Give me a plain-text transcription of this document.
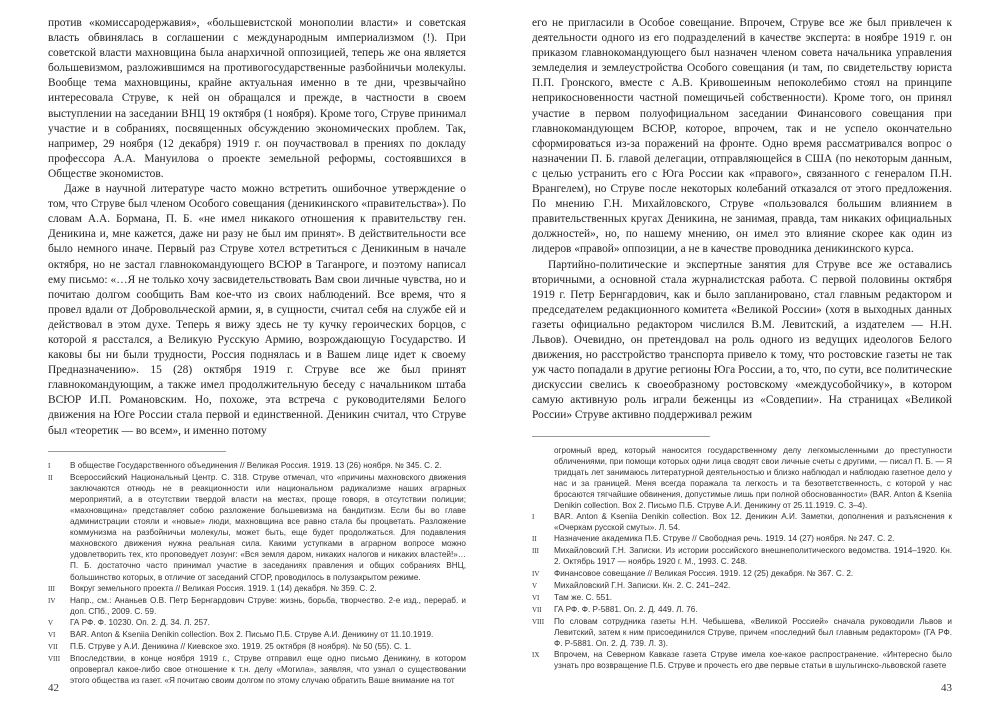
против «комиссародержавия», «большевистской монополии власти» и советская власть обвинялась в соглашении с международным империализмом (!). При советской власти махновщина была анархичной оппозицией, теперь же она является большевизмом, разложившимся на противогосударственные разбойничьи молекулы. Вообще тема махновщины, крайне актуальная именно в те дни, чрезвычайно интересовала Струве, к ней он обращался и прежде, в частности в своем выступлении на заседании ВНЦ 19 октября (1 ноября). Кроме того, Струве принимал участие и в собраниях, посвященных обсуждению экономических проблем. Так, например, 29 ноября (12 декабря) 1919 г. он поучаствовал в прениях по докладу профессора А.А. Мануилова о проекте земельной реформы, состоявшихся в Обществе экономистов.

Даже в научной литературе часто можно встретить ошибочное утверждение о том, что Струве был членом Особого совещания (деникинского «правительства»). По словам А.А. Бормана, П. Б. «не имел никакого отношения к правительству ген. Деникина и, мне кажется, даже ни разу не был им принят». В действительности все было немного иначе. Первый раз Струве хотел встретиться с Деникиным в начале октября, но не застал главнокомандующего ВСЮР в Таганроге, и поэтому написал ему письмо: «…Я не только хочу засвидетельствовать Вам свои личные чувства, но и почитаю долгом сообщить Вам кое-что из своих наблюдений. Все время, что я провел вдали от Добровольческой армии, я, в сущности, считал себя на службе ей и действовал в этом духе. Теперь я вижу здесь не ту кучку героических борцов, с которой я расстался, а Великую Русскую Армию, возрождающую Государство. И каковы бы ни были трудности, Россия поднялась и в Вашем лице идет к своему Предназначению». 15 (28) октября 1919 г. Струве все же был принят главнокомандующим, а также имел продолжительную беседу с начальником штаба ВСЮР И.П. Романовским. Но, похоже, эта встреча с руководителями Белого движения на Юге России стала первой и единственной. Деникин считал, что Струве был «теоретик — во всем», и именно потому

I	В обществе Государственного объединения // Великая Россия. 1919. 13 (26) ноября. № 345. С. 2.
II	Всероссийский Национальный Центр. С. 318. Струве отмечал, что «причины махновского движения заключаются отнюдь не в реакционности или национальном радикализме наших аграрных мероприятий, а в отсутствии твердой власти на местах, проще говоря, в отсутствии полиции; «махновщина» представляет собою разложение большевизма на бандитизм. Если бы во главе администрации стояли и «новые» люди, махновщина все равно стала бы процветать. Разложение коммунизма на разбойничьи молекулы, может быть, еще будет продолжаться. Для подавления махновского движения нужна реальная сила. Какими уступками в аграрном вопросе можно удовлетворить тех, кто проповедует лозунг: «Вся земля даром, никаких налогов и никаких властей!»… П. Б. достаточно часто принимал участие в заседаниях правления и общих собраниях ВНЦ, большинство которых, в отличие от заседаний СГОР, проводилось в полузакрытом режиме.
III	Вокруг земельного проекта // Великая Россия. 1919. 1 (14) декабря. № 359. С. 2.
IV	Напр., см.: Ананьев О.В. Петр Бернгардович Струве: жизнь, борьба, творчество. 2-е изд., перераб. и доп. СПб., 2009. С. 59.
V	ГА РФ. Ф. 10230. Оп. 2. Д. 34. Л. 257.
VI	BAR. Anton & Kseniia Denikin collection. Box 2. Письмо П.Б. Струве А.И. Деникину от 11.10.1919.
VII	П.Б. Струве у А.И. Деникина // Киевское эхо. 1919. 25 октября (8 ноября). № 50 (55). С. 1.
VIII	Впоследствии, в конце ноября 1919 г., Струве отправил еще одно письмо Деникину, в котором опровергал какое-либо свое отношение к т.н. делу «Могила», заявляя, что узнал о существовании этого общества из газет. «Я почитаю своим долгом по этому случаю обратить Ваше внимание на тот
42

его не пригласили в Особое совещание. Впрочем, Струве все же был привлечен к деятельности одного из его подразделений в качестве эксперта: в ноябре 1919 г. он приказом главнокомандующего был назначен членом совета начальника управления земледелия и землеустройства Особого совещания (и там, по свидетельству юриста П.П. Гронского, вместе с А.В. Кривошеиным непоколебимо стоял на принципе неприкосновенности частной помещичьей собственности). Кроме того, он принял участие в первом полуофициальном заседании Финансового совещания при главнокомандующем ВСЮР, которое, впрочем, так и не успело окончательно сформироваться из-за поражений на фронте. Одно время рассматривался вопрос о назначении П. Б. главой делегации, отправляющейся в США (по некоторым данным, с целью устранить его с Юга России как «правого», связанного с генералом П.Н. Врангелем), но Струве после некоторых колебаний отказался от этого предложения. По мнению Г.Н. Михайловского, Струве «пользовался большим влиянием в правительственных кругах Деникина, не занимая, правда, там никаких официальных должностей», но, по нашему мнению, он имел это влияние скорее как один из лидеров «правой» оппозиции, а не в качестве проводника деникинского курса.

Партийно-политические и экспертные занятия для Струве все же оставались вторичными, а основной стала журналистская работа. С первой половины октября 1919 г. Петр Бернгардович, как и было запланировано, стал главным редактором и председателем редакционного комитета «Великой России» (хотя в выходных данных газеты официально редактором числился В.М. Левитский, а издателем — Н.Н. Львов). Очевидно, он претендовал на роль одного из ведущих идеологов Белого движения, но расстройство транспорта привело к тому, что ростовские газеты не так уж часто попадали в другие регионы Юга России, а то, что, по сути, все политические дискуссии свелись к своеобразному ростовскому «междусобойчику», в котором самую активную роль играли беженцы из «Совдепии». На страницах «Великой России» Струве активно поддерживал режим

огромный вред, который наносится государственному делу легкомысленными до преступности обличениями, при помощи которых одни лица сводят свои личные счеты с другими, — писал П. Б. — Я тридцать лет занимаюсь литературной деятельностью и близко наблюдал и наблюдаю газетное дело у нас и за границей. Меня всегда поражала та легкость и та безответственность, с которой у нас бросаются тягчайшие обвинения, допустимые лишь при полной обоснованности» (BAR. Anton & Kseniia Denikin collection. Box 2. Письмо П.Б. Струве А.И. Деникину от 25.11.1919. С. 3–4).
I	BAR. Anton & Kseniia Denikin collection. Box 12. Деникин А.И. Заметки, дополнения и разъяснения к «Очеркам русской смуты». Л. 54.
II	Назначение академика П.Б. Струве // Свободная речь. 1919. 14 (27) ноября. № 247. С. 2.
III	Михайловский Г.Н. Записки. Из истории российского внешнеполитического ведомства. 1914–1920. Кн. 2. Октябрь 1917 — ноябрь 1920 г. М., 1993. С. 248.
IV	Финансовое совещание // Великая Россия. 1919. 12 (25) декабря. № 367. С. 2.
V	Михайловский Г.Н. Записки. Кн. 2. С. 241–242.
VI	Там же. С. 551.
VII	ГА РФ. Ф. Р-5881. Оп. 2. Д. 449. Л. 76.
VIII	По словам сотрудника газеты Н.Н. Чебышева, «Великой Россией» сначала руководили Львов и Левитский, затем к ним присоединился Струве, причем «последний был главным редактором» (ГА РФ. Ф. Р-5881. Оп. 2. Д. 739. Л. 3).
IX	Впрочем, на Северном Кавказе газета Струве имела кое-какое распространение. «Интересно было узнать про возвращение П.Б. Струве и прочесть его две первые статьи в шульгинско-львовской газете
43
